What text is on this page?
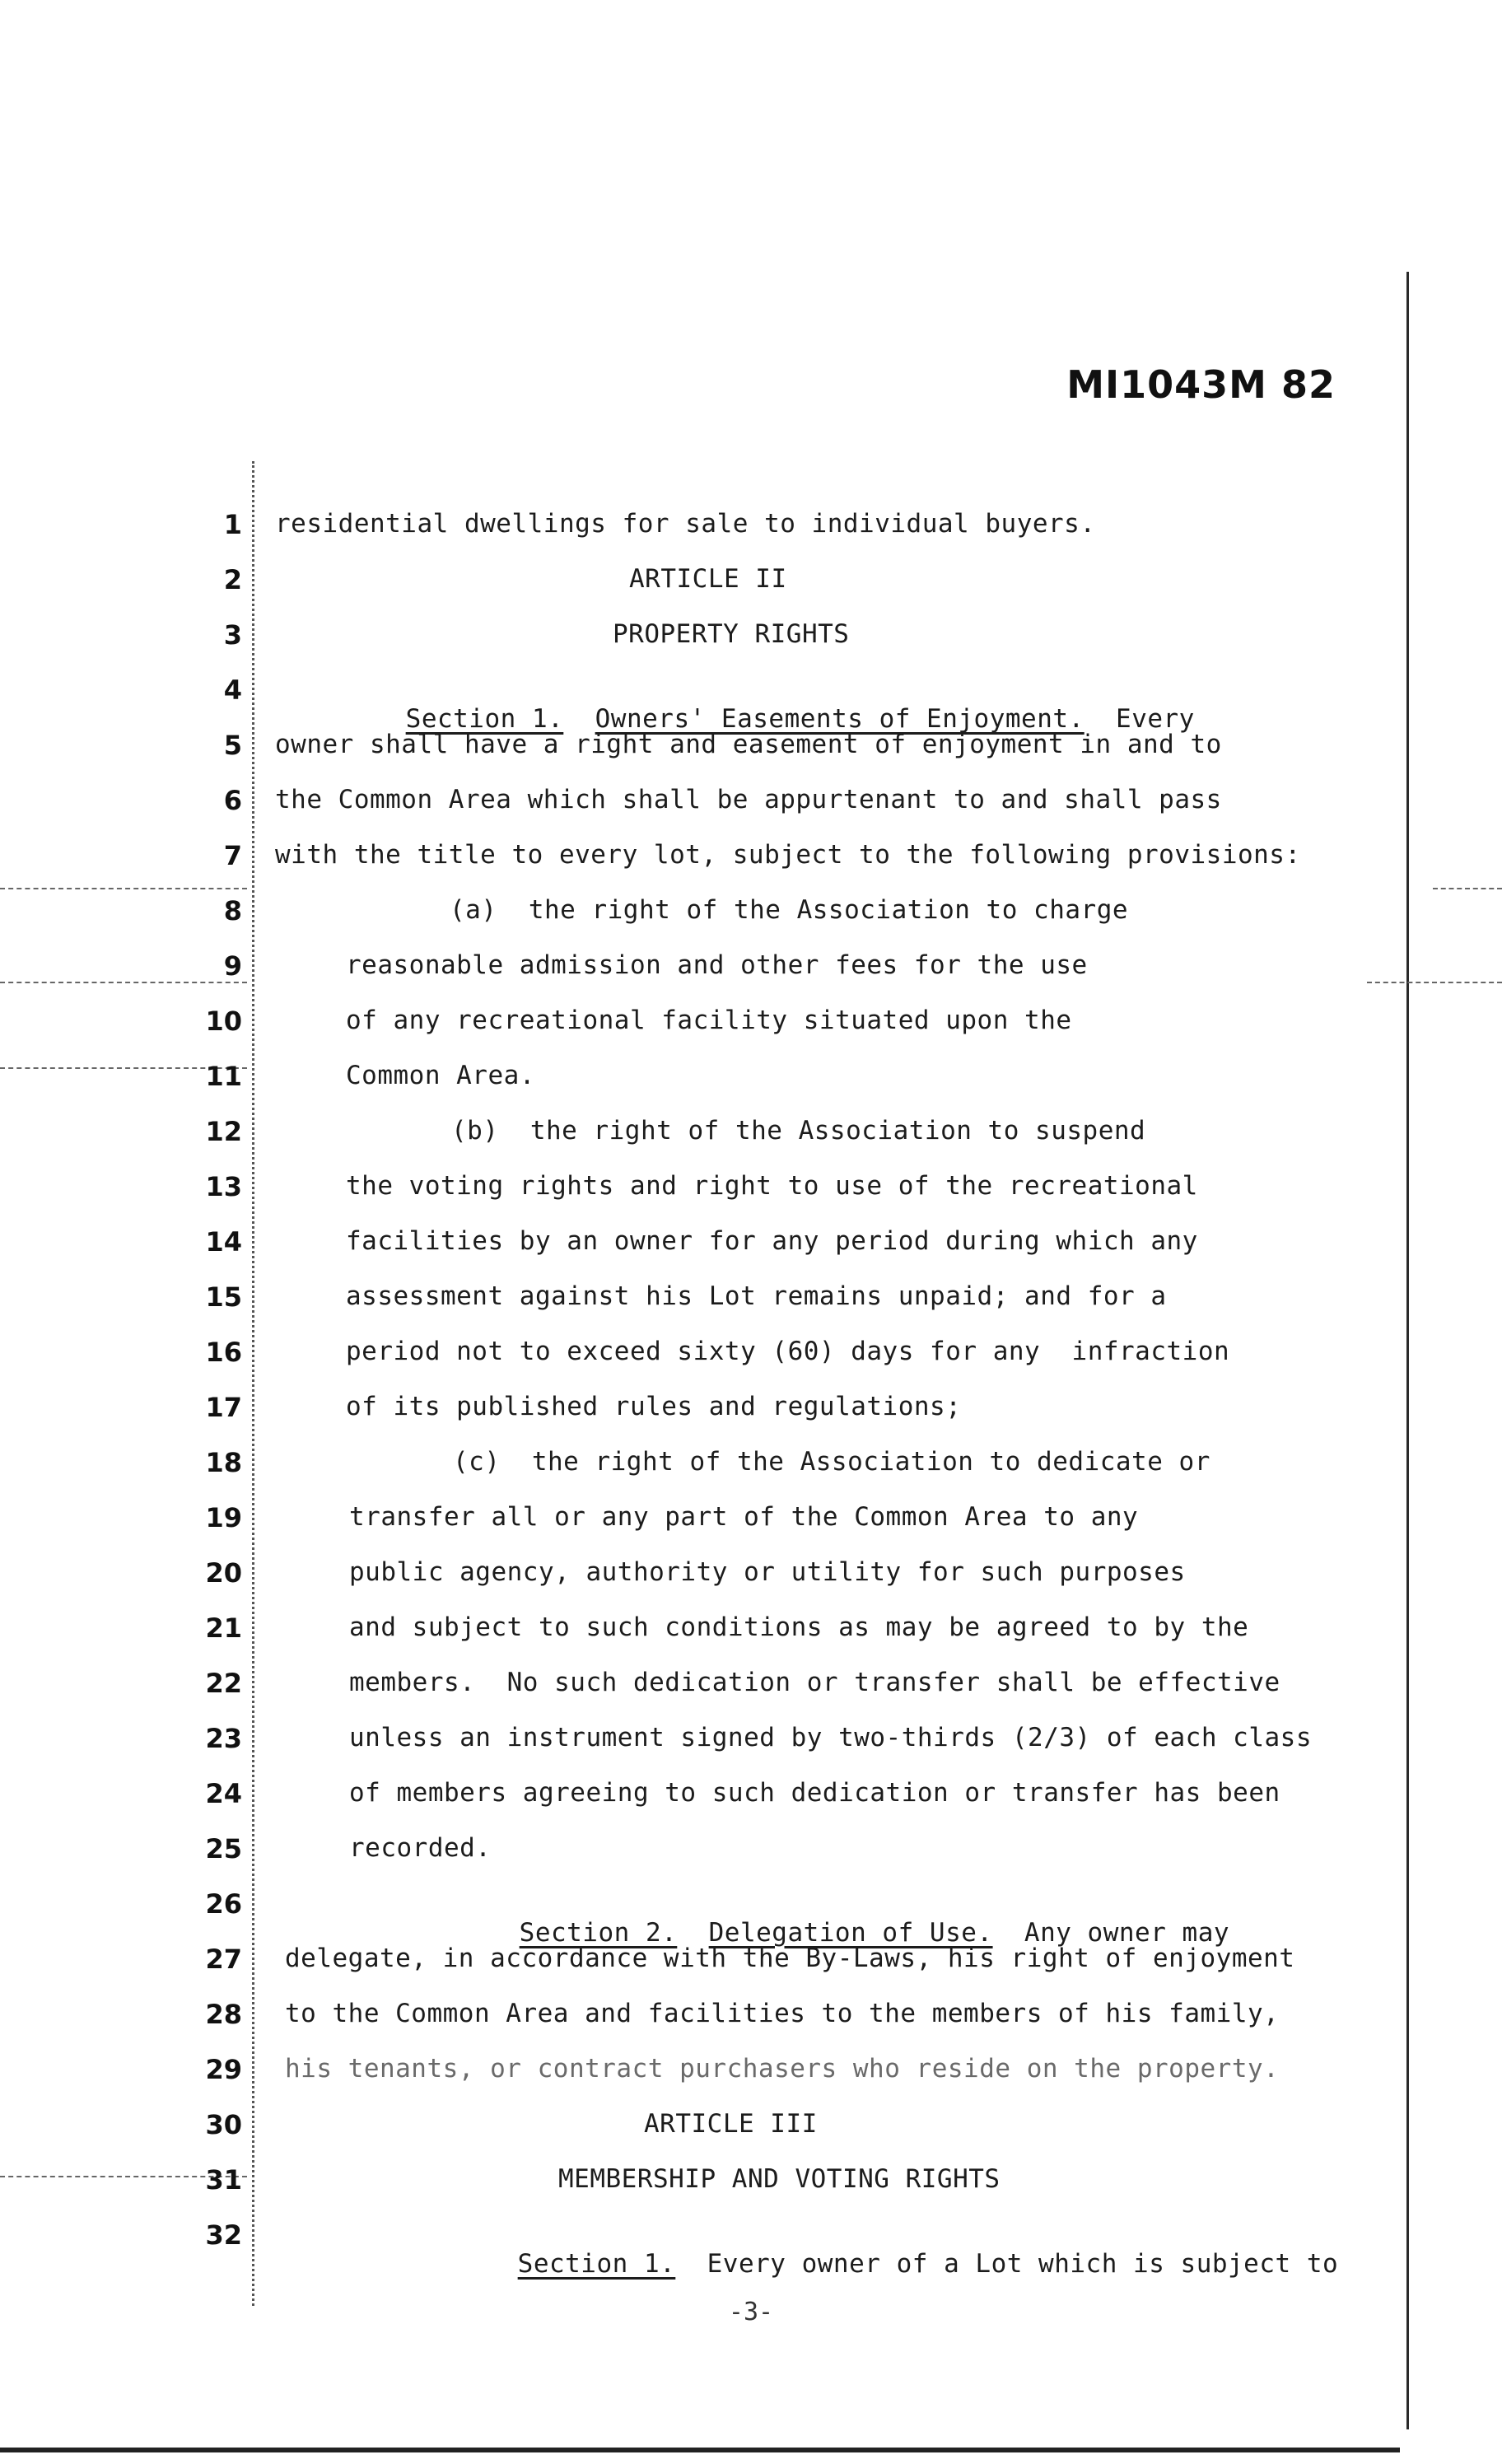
MI1043M 82
1
2
3
4
5
6
7
8
9
10
11
12
13
14
15
16
17
18
19
20
21
22
23
24
25
26
27
28
29
30
31
32
residential dwellings for sale to individual buyers.
ARTICLE II
PROPERTY RIGHTS

Section 1. Owners' Easements of Enjoyment. Every

owner shall have a right and easement of enjoyment in and to
the Common Area which shall be appurtenant to and shall pass
with the title to every lot, subject to the following provisions:
(a)  the right of the Association to charge
reasonable admission and other fees for the use
of any recreational facility situated upon the
Common Area.
(b)  the right of the Association to suspend
the voting rights and right to use of the recreational
facilities by an owner for any period during which any
assessment against his Lot remains unpaid; and for a
period not to exceed sixty (60) days for any  infraction
of its published rules and regulations;
(c)  the right of the Association to dedicate or
transfer all or any part of the Common Area to any
public agency, authority or utility for such purposes
and subject to such conditions as may be agreed to by the
members.  No such dedication or transfer shall be effective
unless an instrument signed by two-thirds (2/3) of each class
of members agreeing to such dedication or transfer has been
recorded.

Section 2. Delegation of Use. Any owner may

delegate, in accordance with the By-Laws, his right of enjoyment
to the Common Area and facilities to the members of his family,
his tenants, or contract purchasers who reside on the property.
ARTICLE III
MEMBERSHIP AND VOTING RIGHTS

Section 1. Every owner of a Lot which is subject to

-3-
